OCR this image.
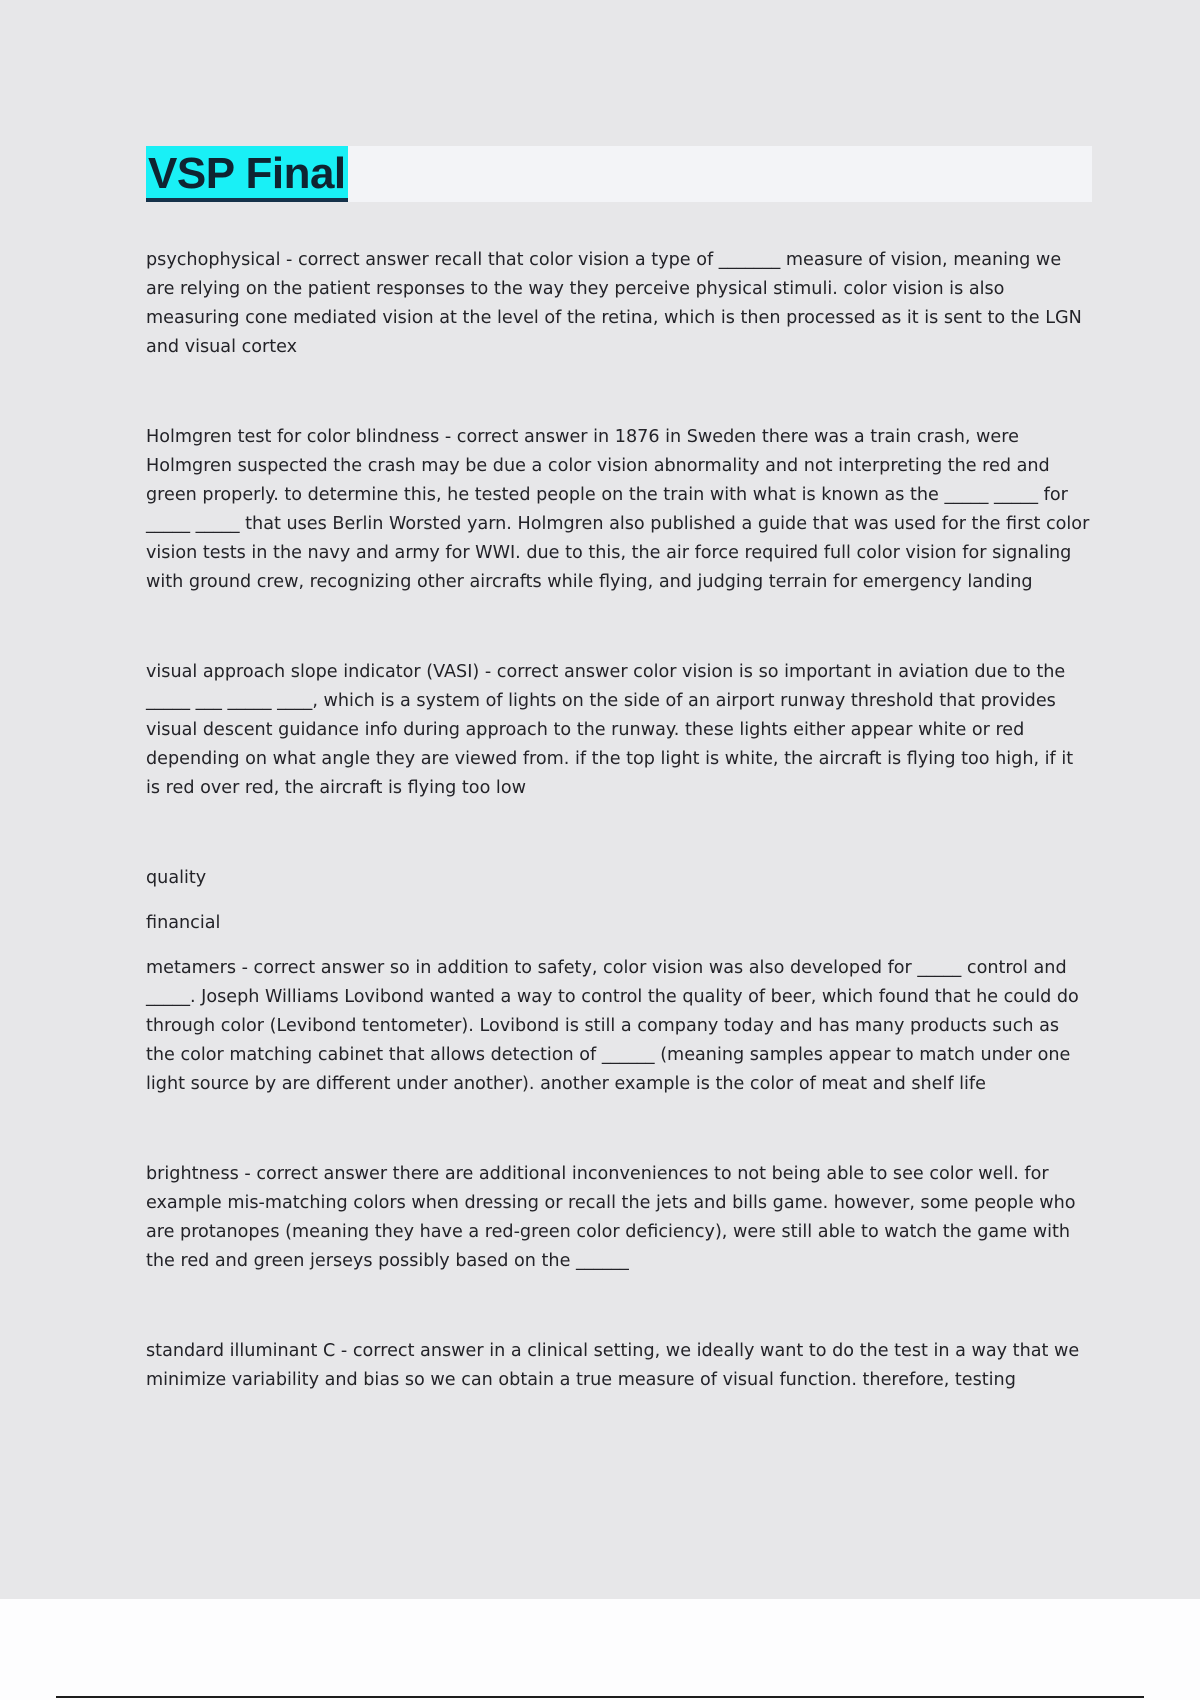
VSP Final

psychophysical - correct answer recall that color vision a type of _______ measure of vision, meaning we are relying on the patient responses to the way they perceive physical stimuli. color vision is also measuring cone mediated vision at the level of the retina, which is then processed as it is sent to the LGN and visual cortex

Holmgren test for color blindness - correct answer in 1876 in Sweden there was a train crash, were Holmgren suspected the crash may be due a color vision abnormality and not interpreting the red and green properly. to determine this, he tested people on the train with what is known as the _____ _____ for _____ _____ that uses Berlin Worsted yarn. Holmgren also published a guide that was used for the first color vision tests in the navy and army for WWI. due to this, the air force required full color vision for signaling with ground crew, recognizing other aircrafts while flying, and judging terrain for emergency landing

visual approach slope indicator (VASI) - correct answer color vision is so important in aviation due to the _____ ___ _____ ____, which is a system of lights on the side of an airport runway threshold that provides visual descent guidance info during approach to the runway. these lights either appear white or red depending on what angle they are viewed from. if the top light is white, the aircraft is flying too high, if it is red over red, the aircraft is flying too low

quality

financial

metamers - correct answer so in addition to safety, color vision was also developed for _____ control and _____. Joseph Williams Lovibond wanted a way to control the quality of beer, which found that he could do through color (Levibond tentometer). Lovibond is still a company today and has many products such as the color matching cabinet that allows detection of ______ (meaning samples appear to match under one light source by are different under another). another example is the color of meat and shelf life

brightness - correct answer there are additional inconveniences to not being able to see color well. for example mis-matching colors when dressing or recall the jets and bills game. however, some people who are protanopes (meaning they have a red-green color deficiency), were still able to watch the game with the red and green jerseys possibly based on the ______

standard illuminant C - correct answer in a clinical setting, we ideally want to do the test in a way that we minimize variability and bias so we can obtain a true measure of visual function. therefore, testing
